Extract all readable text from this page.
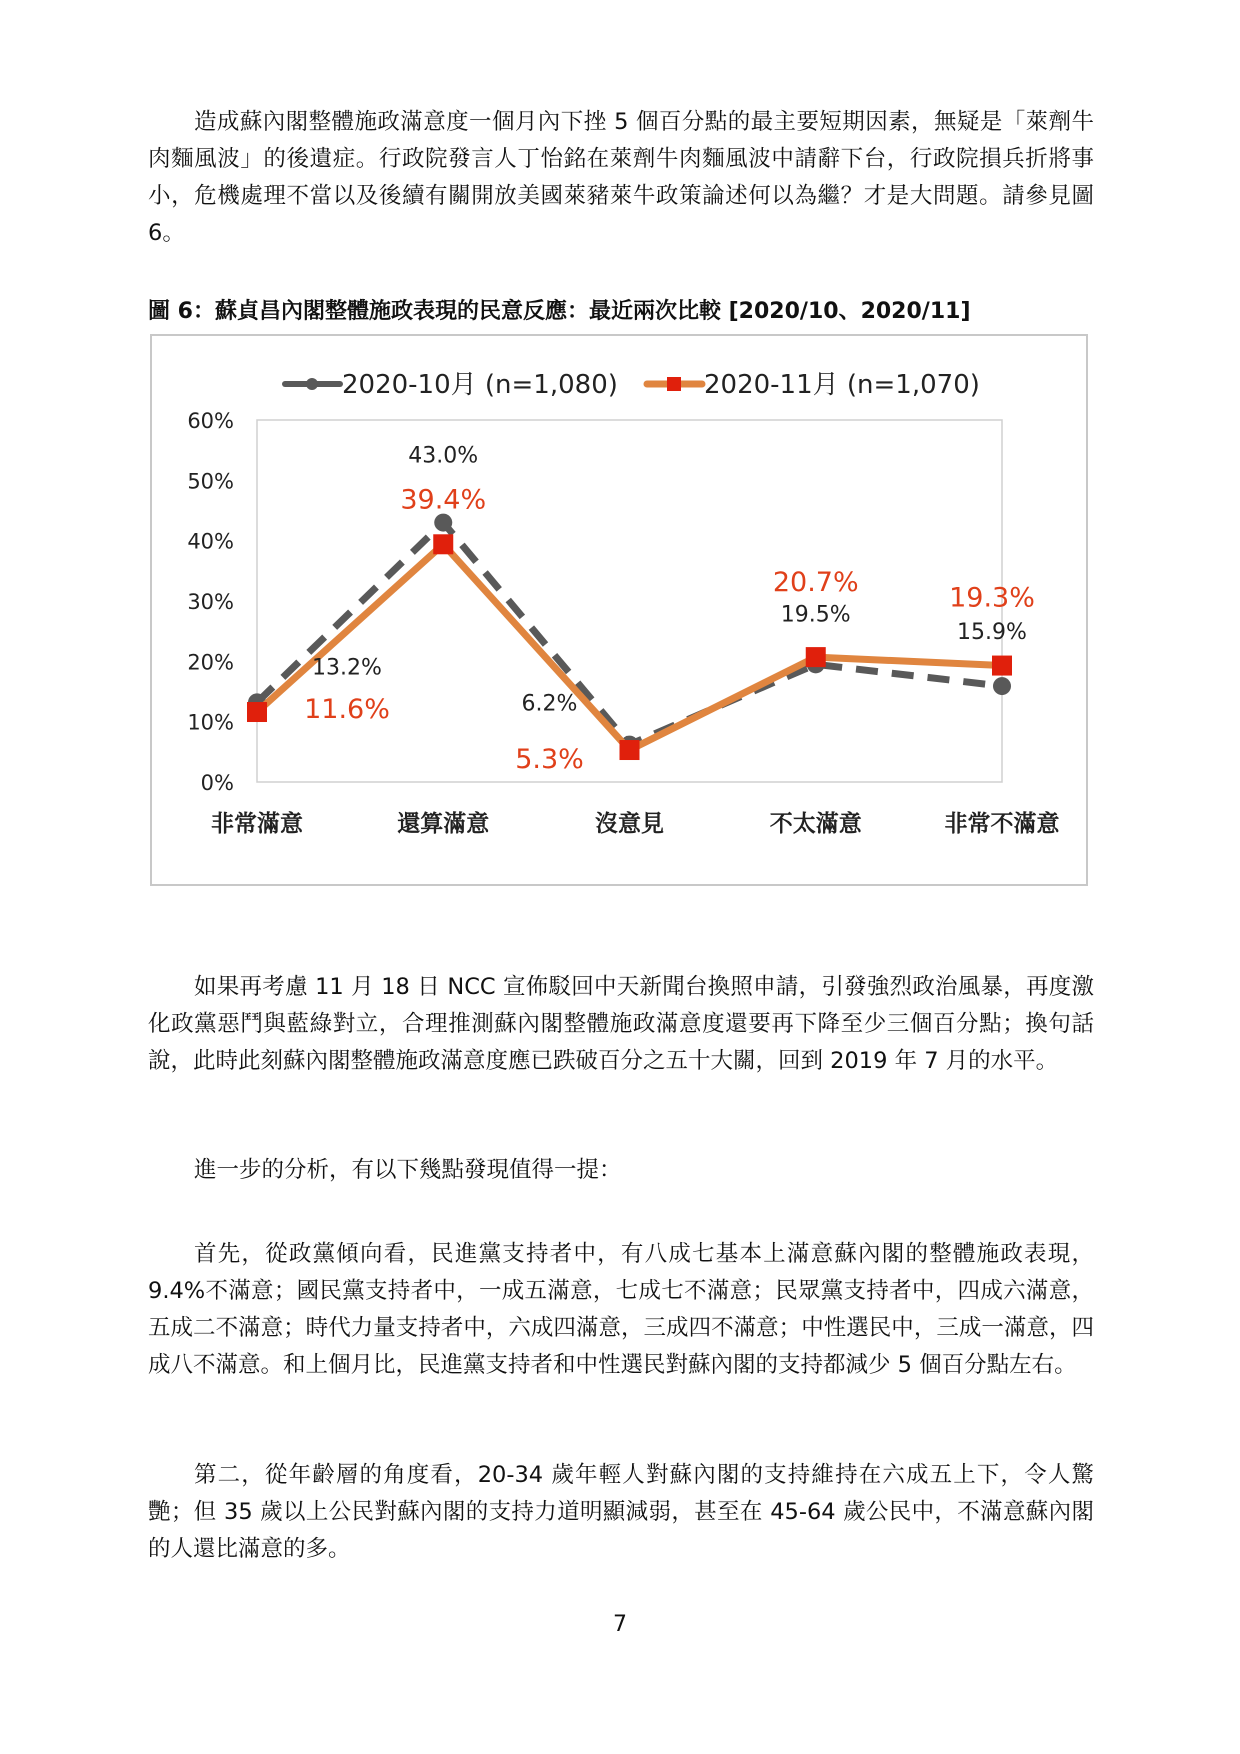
造成蘇內閣整體施政滿意度一個月內下挫 5 個百分點的最主要短期因素，無疑是「萊劑牛肉麵風波」的後遺症。行政院發言人丁怡銘在萊劑牛肉麵風波中請辭下台，行政院損兵折將事小，危機處理不當以及後續有關開放美國萊豬萊牛政策論述何以為繼？才是大問題。請參見圖 6。

圖 6：蘇貞昌內閣整體施政表現的民意反應：最近兩次比較 [2020/10、2020/11]

0%
10%
20%
30%
40%
50%
60%
非常滿意	還算滿意	沒意見	不太滿意	非常不滿意
2020-10月 (n=1,080)	2020-11月 (n=1,070)
13.2%
43.0%
6.2%
19.5%
15.9%
11.6%
39.4%
5.3%
20.7%	19.3%

如果再考慮 11 月 18 日 NCC 宣佈駁回中天新聞台換照申請，引發強烈政治風暴，再度激化政黨惡鬥與藍綠對立，合理推測蘇內閣整體施政滿意度還要再下降至少三個百分點；換句話說，此時此刻蘇內閣整體施政滿意度應已跌破百分之五十大關，回到 2019 年 7 月的水平。

進一步的分析，有以下幾點發現值得一提：

首先，從政黨傾向看，民進黨支持者中，有八成七基本上滿意蘇內閣的整體施政表現，9.4%不滿意；國民黨支持者中，一成五滿意，七成七不滿意；民眾黨支持者中，四成六滿意，五成二不滿意；時代力量支持者中，六成四滿意，三成四不滿意；中性選民中，三成一滿意，四成八不滿意。和上個月比，民進黨支持者和中性選民對蘇內閣的支持都減少 5 個百分點左右。

第二，從年齡層的角度看，20-34 歲年輕人對蘇內閣的支持維持在六成五上下，令人驚艷；但 35 歲以上公民對蘇內閣的支持力道明顯減弱，甚至在 45-64 歲公民中，不滿意蘇內閣的人還比滿意的多。

7
